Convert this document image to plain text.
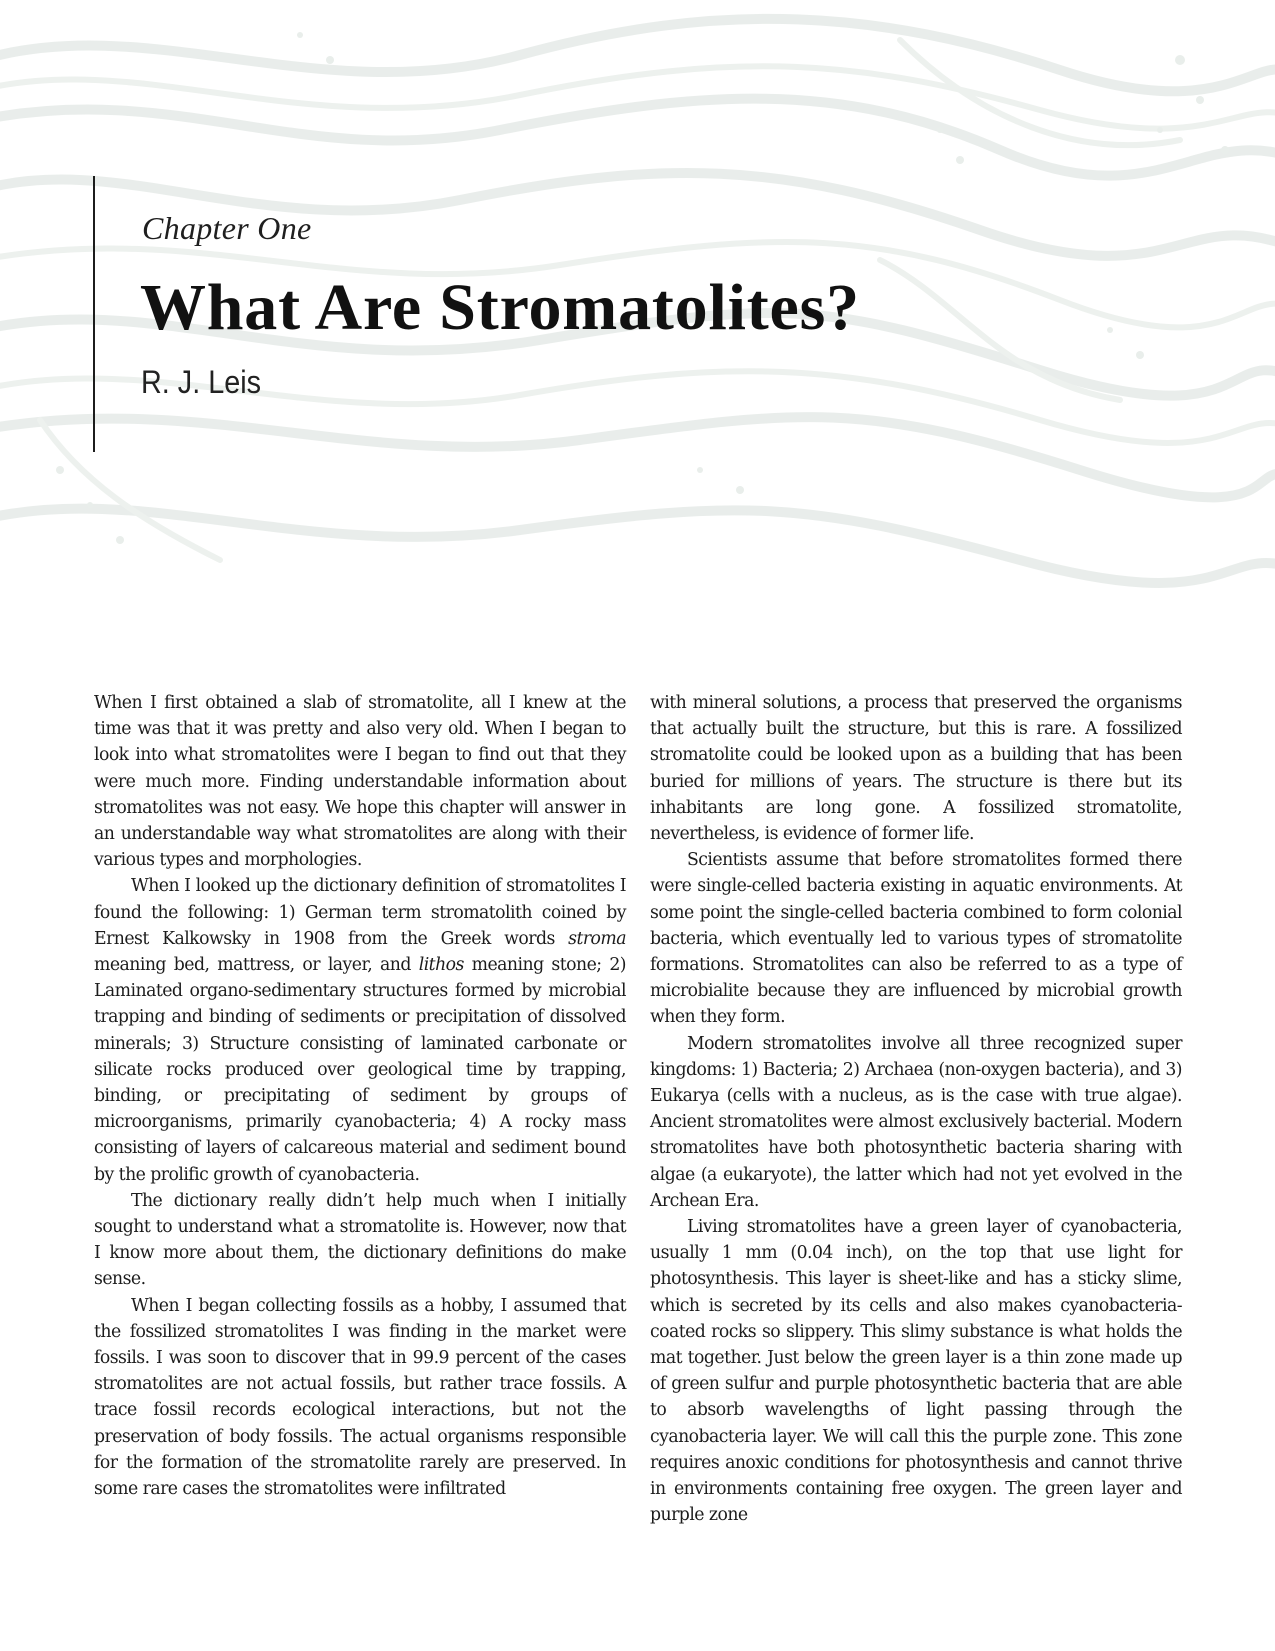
Chapter One
What Are Stromatolites?
R. J. Leis

When I first obtained a slab of stromatolite, all I knew at the time was that it was pretty and also very old. When I began to look into what stromatolites were I began to find out that they were much more. Finding understandable information about stromatolites was not easy. We hope this chapter will answer in an understandable way what stromatolites are along with their various types and morphologies.

When I looked up the dictionary definition of stromatolites I found the following: 1) German term stromatolith coined by Ernest Kalkowsky in 1908 from the Greek words stroma meaning bed, mattress, or layer, and lithos meaning stone; 2) Laminated organo-sedimentary structures formed by microbial trapping and binding of sediments or precipitation of dissolved minerals; 3) Structure consisting of laminated carbonate or silicate rocks produced over geological time by trapping, binding, or precipitating of sediment by groups of microorganisms, primarily cyanobacteria; 4) A rocky mass consisting of layers of calcareous material and sediment bound by the prolific growth of cyanobacteria.

The dictionary really didn’t help much when I initially sought to understand what a stromatolite is. However, now that I know more about them, the dictionary definitions do make sense.

When I began collecting fossils as a hobby, I assumed that the fossilized stromatolites I was finding in the market were fossils. I was soon to discover that in 99.9 percent of the cases stromatolites are not actual fossils, but rather trace fossils. A trace fossil records ecological interactions, but not the preservation of body fossils. The actual organisms responsible for the formation of the stromatolite rarely are preserved. In some rare cases the stromatolites were infiltrated

with mineral solutions, a process that preserved the organisms that actually built the structure, but this is rare. A fossilized stromatolite could be looked upon as a building that has been buried for millions of years. The structure is there but its inhabitants are long gone. A fossilized stromatolite, nevertheless, is evidence of former life.

Scientists assume that before stromatolites formed there were single-celled bacteria existing in aquatic environments. At some point the single-celled bacteria combined to form colonial bacteria, which eventually led to various types of stromatolite formations. Stromatolites can also be referred to as a type of microbialite because they are influenced by microbial growth when they form.

Modern stromatolites involve all three recognized super kingdoms: 1) Bacteria; 2) Archaea (non-oxygen bacteria), and 3) Eukarya (cells with a nucleus, as is the case with true algae). Ancient stromatolites were almost exclusively bacterial. Modern stromatolites have both photosynthetic bacteria sharing with algae (a eukaryote), the latter which had not yet evolved in the Archean Era.

Living stromatolites have a green layer of cyanobacteria, usually 1 mm (0.04 inch), on the top that use light for photosynthesis. This layer is sheet-like and has a sticky slime, which is secreted by its cells and also makes cyanobacteria-coated rocks so slippery. This slimy substance is what holds the mat together. Just below the green layer is a thin zone made up of green sulfur and purple photosynthetic bacteria that are able to absorb wavelengths of light passing through the cyanobacteria layer. We will call this the purple zone. This zone requires anoxic conditions for photosynthesis and cannot thrive in environments containing free oxygen. The green layer and purple zone
